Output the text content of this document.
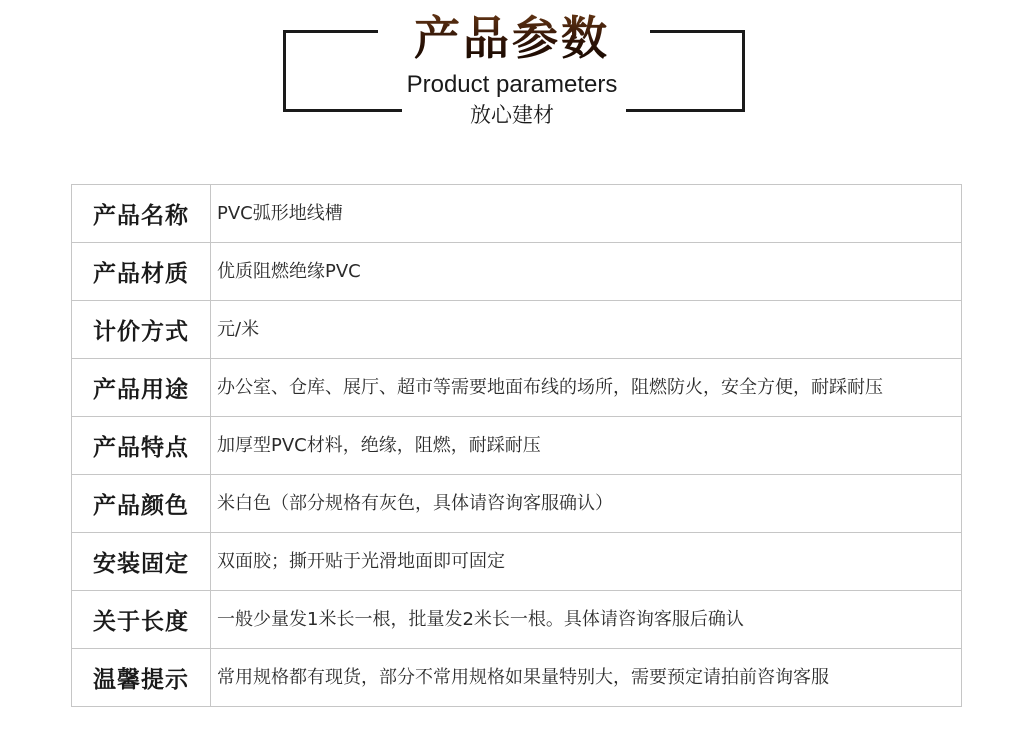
产品参数
Product parameters
放心建材
产品名称	PVC弧形地线槽
产品材质	优质阻燃绝缘PVC
计价方式	元/米
产品用途	办公室、仓库、展厅、超市等需要地面布线的场所，阻燃防火，安全方便，耐踩耐压
产品特点	加厚型PVC材料，绝缘，阻燃，耐踩耐压
产品颜色	米白色（部分规格有灰色，具体请咨询客服确认）
安装固定	双面胶；撕开贴于光滑地面即可固定
关于长度	一般少量发1米长一根，批量发2米长一根。具体请咨询客服后确认
温馨提示	常用规格都有现货，部分不常用规格如果量特别大，需要预定请拍前咨询客服
